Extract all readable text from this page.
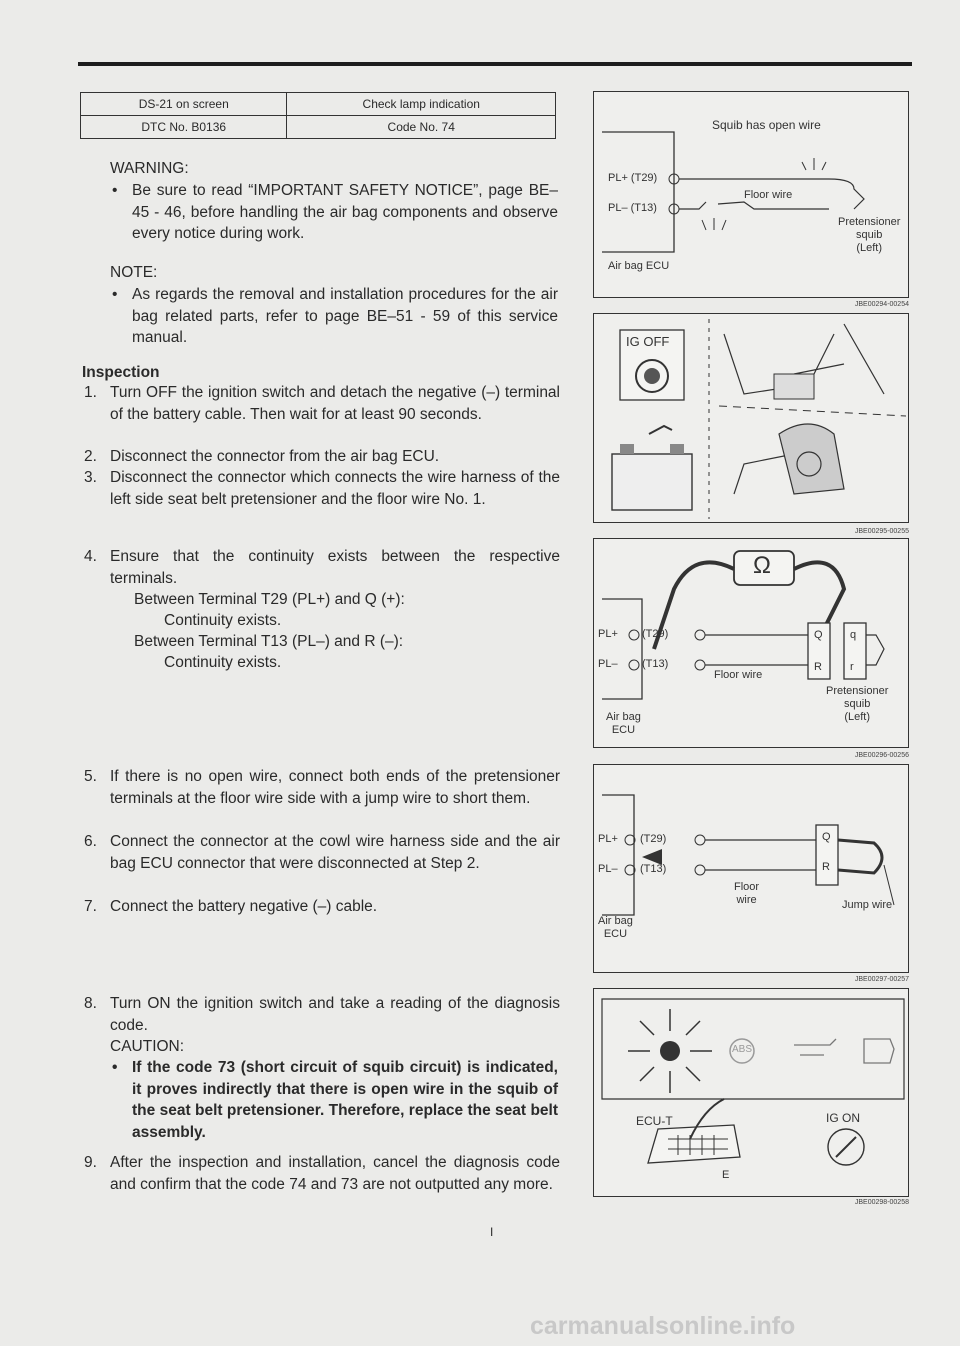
DS-21 on screen	Check lamp indication
DTC No. B0136	Code No. 74
WARNING:
• Be sure to read “IMPORTANT SAFETY NOTICE”, page BE–45 - 46, before handling the air bag components and observe every notice during work.
NOTE:
• As regards the removal and installation procedures for the air bag related parts, refer to page BE–51 - 59 of this service manual.
Inspection
1. Turn OFF the ignition switch and detach the negative (–) terminal of the battery cable. Then wait for at least 90 seconds.
2. Disconnect the connector from the air bag ECU.
3. Disconnect the connector which connects the wire harness of the left side seat belt pretensioner and the floor wire No. 1.
4. Ensure that the continuity exists between the respective terminals.
Between Terminal T29 (PL+) and Q (+):
Continuity exists.
Between Terminal T13 (PL–) and R (–):
Continuity exists.
5. If there is no open wire, connect both ends of the pretensioner terminals at the floor wire side with a jump wire to short them.
6. Connect the connector at the cowl wire harness side and the air bag ECU connector that were disconnected at Step 2.
7. Connect the battery negative (–) cable.
8. Turn ON the ignition switch and take a reading of the diagnosis code.
CAUTION:
• If the code 73 (short circuit of squib circuit) is indicated, it proves indirectly that there is open wire in the squib of the seat belt pretensioner. Therefore, replace the seat belt assembly.
9. After the inspection and installation, cancel the diagnosis code and confirm that the code 74 and 73 are not outputted any more.
Squib has open wire
PL+ (T29)
PL– (T13)
Floor wire
Pretensioner
squib
(Left)
Air bag ECU
JBE00294-00254
IG OFF
JBE00295-00255
Ω
PL+ (T29)
PL– (T13)
Q q
R	r
Floor wire
Pretensioner
squib
(Left)
Air bag
ECU
JBE00296-00256
PL+ (T29)
PL– (T13)
Q
R
Floor
wire	Jump wire
Air bag
ECU
JBE00297-00257
ABS
ECU-T
E
IG ON
JBE00298-00258
I
carmanualsonline.info
